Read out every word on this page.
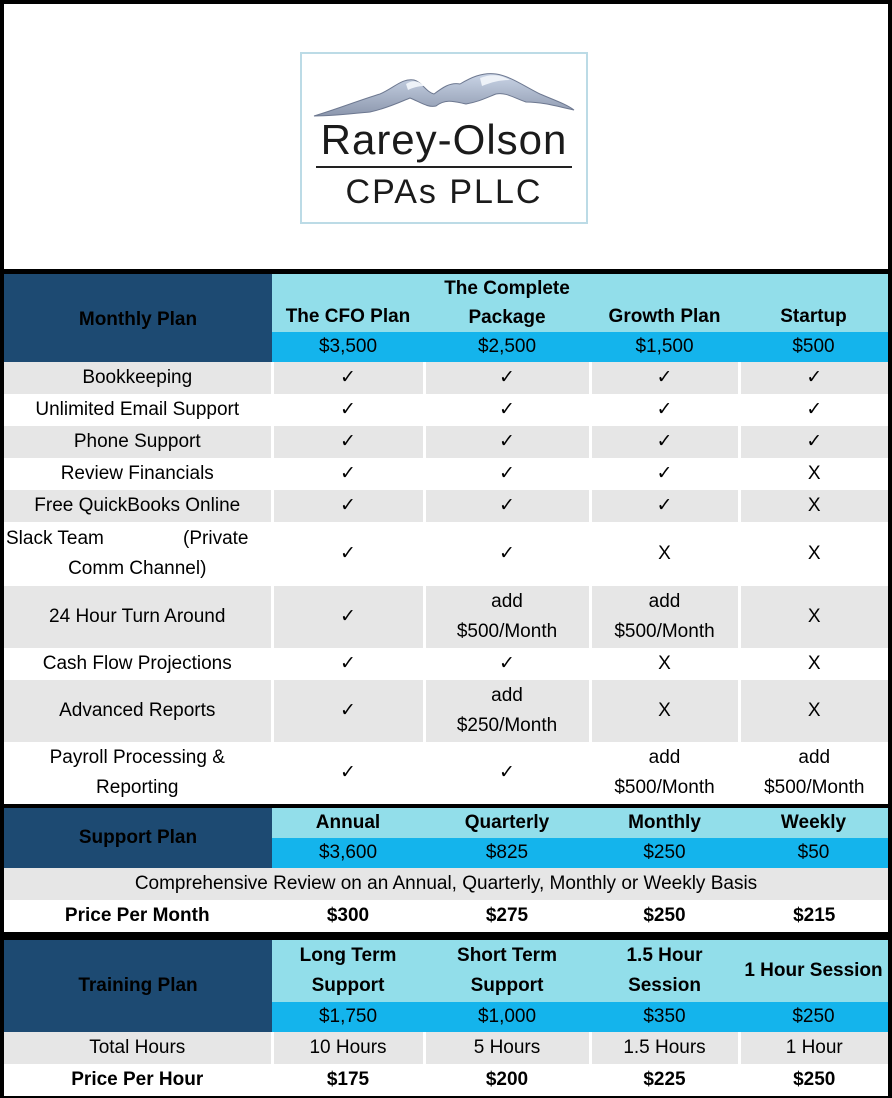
Rarey-Olson
CPAs PLLC
Monthly Plan	The CFO Plan	The Complete Package	Growth Plan	Startup
	$3,500	$2,500	$1,500	$500
Bookkeeping	✓	✓	✓	✓
Unlimited Email Support	✓	✓	✓	✓
Phone Support	✓	✓	✓	✓
Review Financials	✓	✓	✓	X
Free QuickBooks Online	✓	✓	✓	X

Slack Team (Private
Comm Channel)	✓	✓	X	X
24 Hour Turn Around	✓	add $500/Month	add $500/Month	X
Cash Flow Projections	✓	✓	X	X
Advanced Reports	✓	add $250/Month	X	X

Payroll Processing & Reporting	✓	✓	add $500/Month	add $500/Month
Support Plan	Annual	Quarterly	Monthly	Weekly
	$3,600	$825	$250	$50
Comprehensive Review on an Annual, Quarterly, Monthly or Weekly Basis				
Price Per Month	$300	$275	$250	$215
Training Plan	Long Term Support	Short Term Support	1.5 Hour Session	1 Hour Session
	$1,750	$1,000	$350	$250
Total Hours	10 Hours	5 Hours	1.5 Hours	1 Hour
Price Per Hour	$175	$200	$225	$250
